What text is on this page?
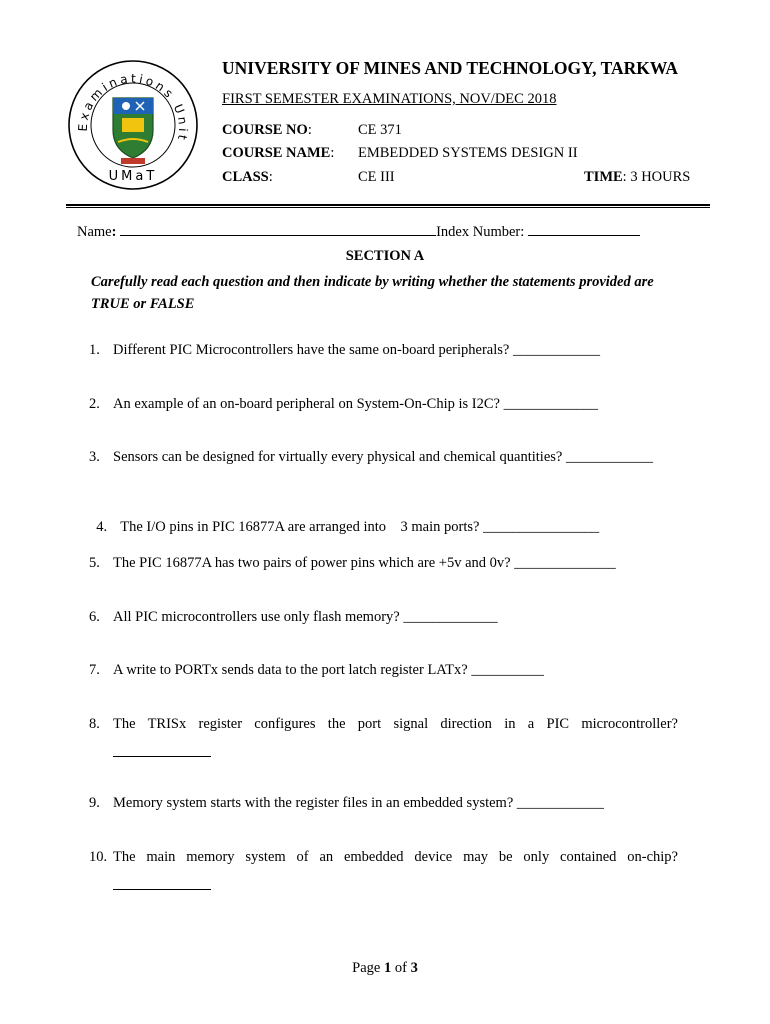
Examinations Unit
UMaT
UNIVERSITY OF MINES AND TECHNOLOGY, TARKWA
FIRST SEMESTER EXAMINATIONS, NOV/DEC 2018
COURSE NO:	CE 371
COURSE NAME: EMBEDDED SYSTEMS DESIGN II
CLASS:	CE III	TIME: 3 HOURS
Name:	Index Number:
SECTION A
Carefully read each question and then indicate by writing whether the statements provided are TRUE or FALSE
1. Different PIC Microcontrollers have the same on-board peripherals? ____________
2. An example of an on-board peripheral on System-On-Chip is I2C? _____________
3. Sensors can be designed for virtually every physical and chemical quantities? ____________

4. The I/O pins in PIC 16877A are arranged into    3 main ports? ________________

5. The PIC 16877A has two pairs of power pins which are +5v and 0v? ______________
6. All PIC microcontrollers use only flash memory? _____________
7. A write to PORTx sends data to the port latch register LATx? __________
8. The TRISx register configures the port signal direction in a PIC microcontroller?
9. Memory system starts with the register files in an embedded system? ____________
10. The main memory system of an embedded device may be only contained on-chip?
Page 1 of 3
